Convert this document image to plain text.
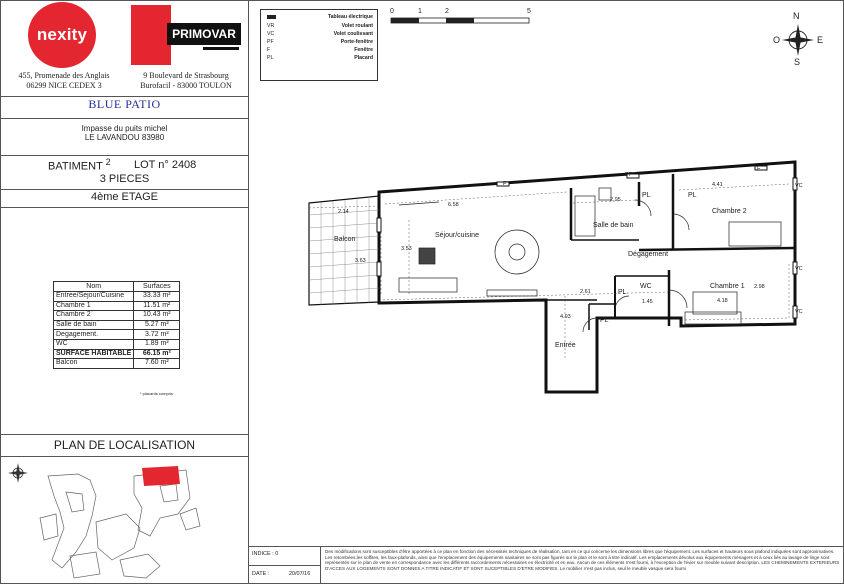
nexity	PRIMOVAR
455, Promenade des Anglais
06299 NICE CEDEX 3
9 Boulevard de Strasbourg
Burofacil - 83000 TOULON
BLUE PATIO
Impasse du puits michel
LE LAVANDOU 83980
BATIMENT $^2$	LOT n° 2408
3 PIECES
4ème ETAGE
Nom	Surfaces
Entree/Sejour/Cuisine	33.33 m²
Chambre 1	11.51 m²
Chambre 2`	10.43 m²
Salle de bain`	5.27 m²
Degagement.	3.72 m²
WC	1.89 m²
SURFACE HABITABLE	66.15 m²
Balcon	7.60 m²
* placards compris
PLAN DE LOCALISATION
Tableau électrique
VR	Volet roulant
VC	Volet coulissant
PF	Porte-fenêtre
F	Fenêtre
PL	Placard
0	1	2	5	N
S
O	E
Séjour/cuisine
Balcon
Salle de bain
Chambre 2
Dégagement
Chambre 1
WC
Entrée
PL	PL
PL
PL
VC
VC
VC
F
F
PF
2.14
6.58
2.95
4.41
2.61
1.45	4.18
3.53
3.63
4.93
2.98
INDICE : 0
DATE :	20/07/16
Des modifications sont susceptibles d'être apportées à ce plan en fonction des nécessités techniques de réalisation, tant en ce qui concerne les dimensions libres que l'équipement. Les surfaces et hauteurs sous plafond indiquées sont approximatives. Les retombées,les soffites, les faux-plafonds, ainsi que l'emplacement des équipements sanitaires ne sont pas figurés sur le plan et le sont à titre indicatif. Les emplacements dévolus aux équipements ménagers et à ceux liés au lavage de linge sont représentés sur le plan de vente en correspondance avec les différents raccordements nécessaires en électricité et en eau. Aucun de ces éléments n'est fourni, à l'exception de l'évier sur meuble suivant description. LES CHEMINEMENTS EXTERIEURS D'ACCES AUX LOGEMENTS SONT DONNES A TITRE INDICATIF ET SONT SUCEPTIBLES D'ETRE MODIFIES. Le mobilier n'est pas inclus, seul le meuble vasque sera fourni
